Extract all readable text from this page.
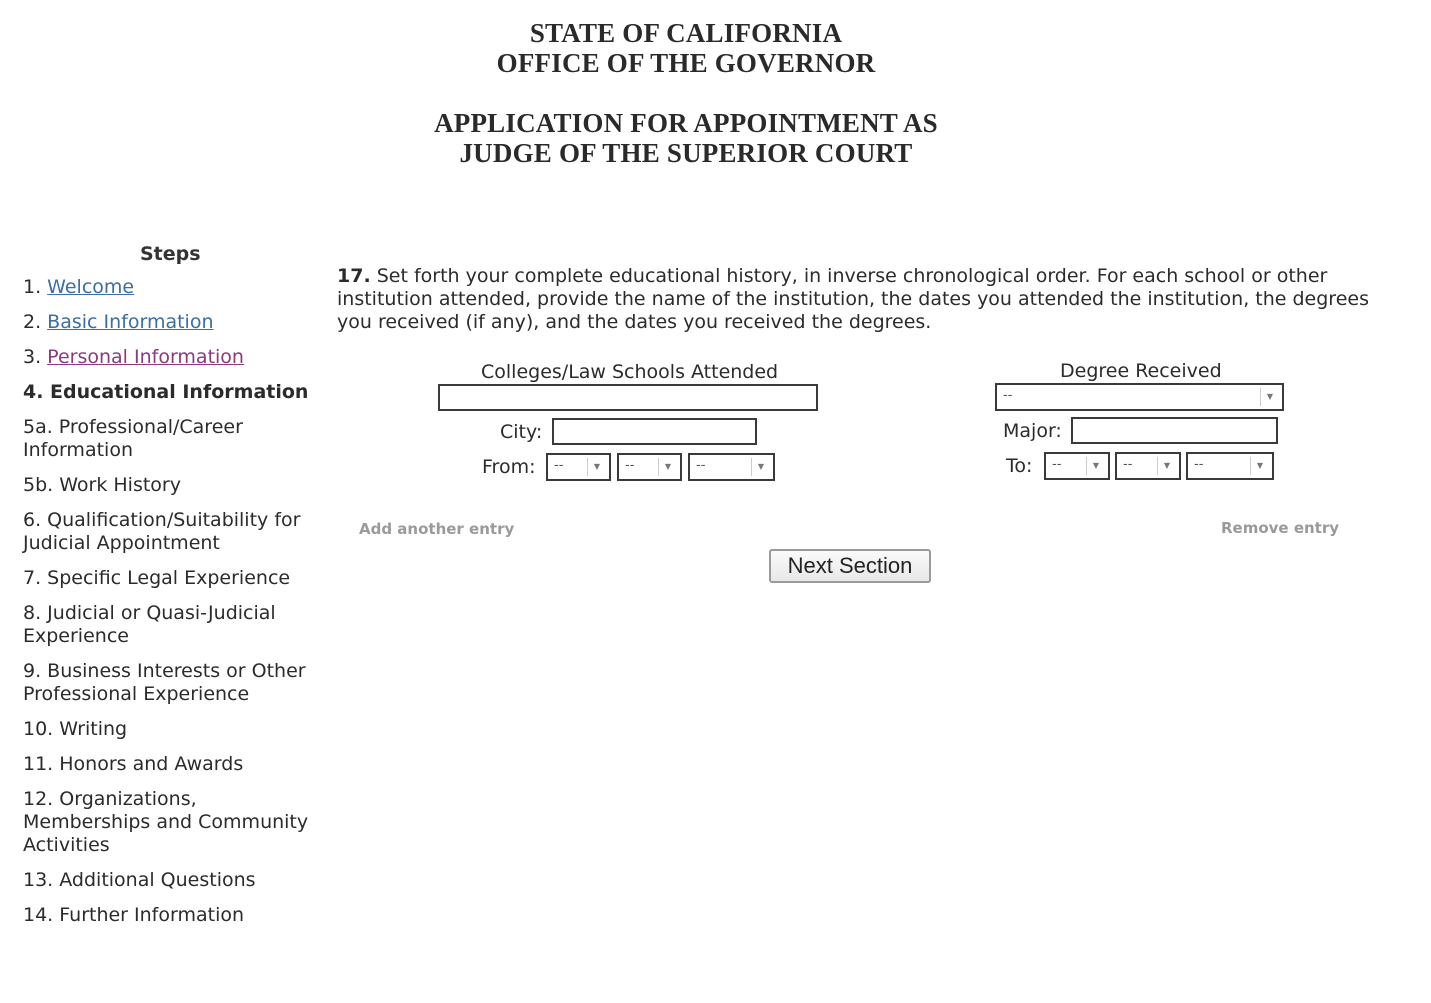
STATE OF CALIFORNIA
OFFICE OF THE GOVERNOR
APPLICATION FOR APPOINTMENT AS
JUDGE OF THE SUPERIOR COURT
Steps
1. Welcome
2. Basic Information
3. Personal Information
4. Educational Information
5a. Professional/Career Information
5b. Work History
6. Qualification/Suitability for Judicial Appointment
7. Specific Legal Experience
8. Judicial or Quasi-Judicial Experience
9. Business Interests or Other Professional Experience
10. Writing
11. Honors and Awards
12. Organizations, Memberships and Community Activities
13. Additional Questions
14. Further Information
17. Set forth your complete educational history, in inverse chronological order. For each school or other institution attended, provide the name of the institution, the dates you attended the institution, the degrees you received (if any), and the dates you received the degrees.
Colleges/Law Schools Attended
City:
From:	--	▼	--	▼	--	▼
Degree Received
--	▼
Major:
To:	--	▼	--	▼	--	▼
Add another entry	Remove entry
Next Section
